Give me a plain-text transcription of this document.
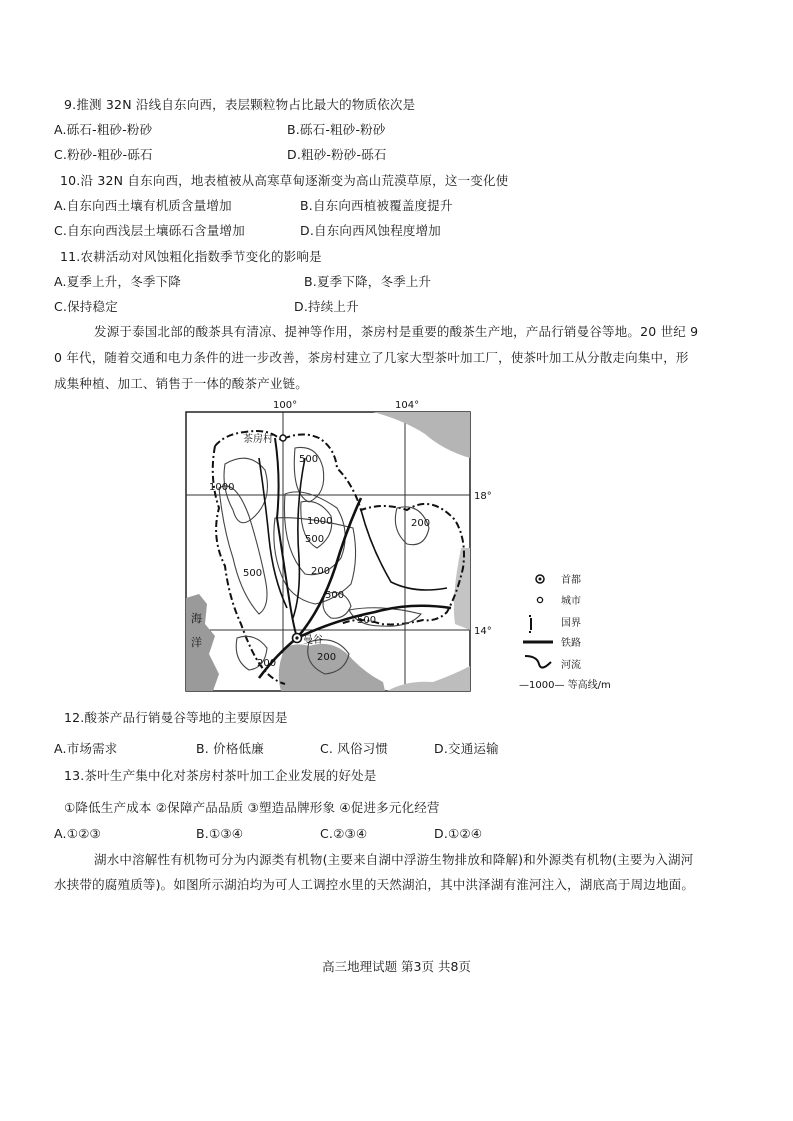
9.推测 32N 沿线自东向西，表层颗粒物占比最大的物质依次是
A.砾石-粗砂-粉砂	B.砾石-粗砂-粉砂
C.粉砂-粗砂-砾石	D.粗砂-粉砂-砾石
10.沿 32N 自东向西，地表植被从高寒草甸逐渐变为高山荒漠草原，这一变化使
A.自东向西土壤有机质含量增加	B.自东向西植被覆盖度提升
C.自东向西浅层土壤砾石含量增加	D.自东向西风蚀程度增加
11.农耕活动对风蚀粗化指数季节变化的影响是
A.夏季上升，冬季下降	B.夏季下降，冬季上升
C.保持稳定	D.持续上升
发源于泰国北部的酸茶具有清凉、提神等作用，茶房村是重要的酸茶生产地，产品行销曼谷等地。20 世纪 9
0 年代，随着交通和电力条件的进一步改善，茶房村建立了几家大型茶叶加工厂，使茶叶加工从分散走向集中，形
成集种植、加工、销售于一体的酸茶产业链。
100°	104°
18°
14°
茶房村
曼谷
海
洋
500
1000
1000
500
200
500	200
500
500
200
200
首都
城市
国界
铁路
河流
—1000— 等高线/m
12.酸茶产品行销曼谷等地的主要原因是
A.市场需求	B. 价格低廉	C. 风俗习惯	D.交通运输
13.茶叶生产集中化对茶房村茶叶加工企业发展的好处是
①降低生产成本 ②保障产品品质 ③塑造品牌形象 ④促进多元化经营
A.①②③	B.①③④	C.②③④	D.①②④
湖水中溶解性有机物可分为内源类有机物(主要来自湖中浮游生物排放和降解)和外源类有机物(主要为入湖河
水挟带的腐殖质等)。如图所示湖泊均为可人工调控水里的天然湖泊，其中洪泽湖有淮河注入，湖底高于周边地面。
高三地理试题 第3页 共8页
